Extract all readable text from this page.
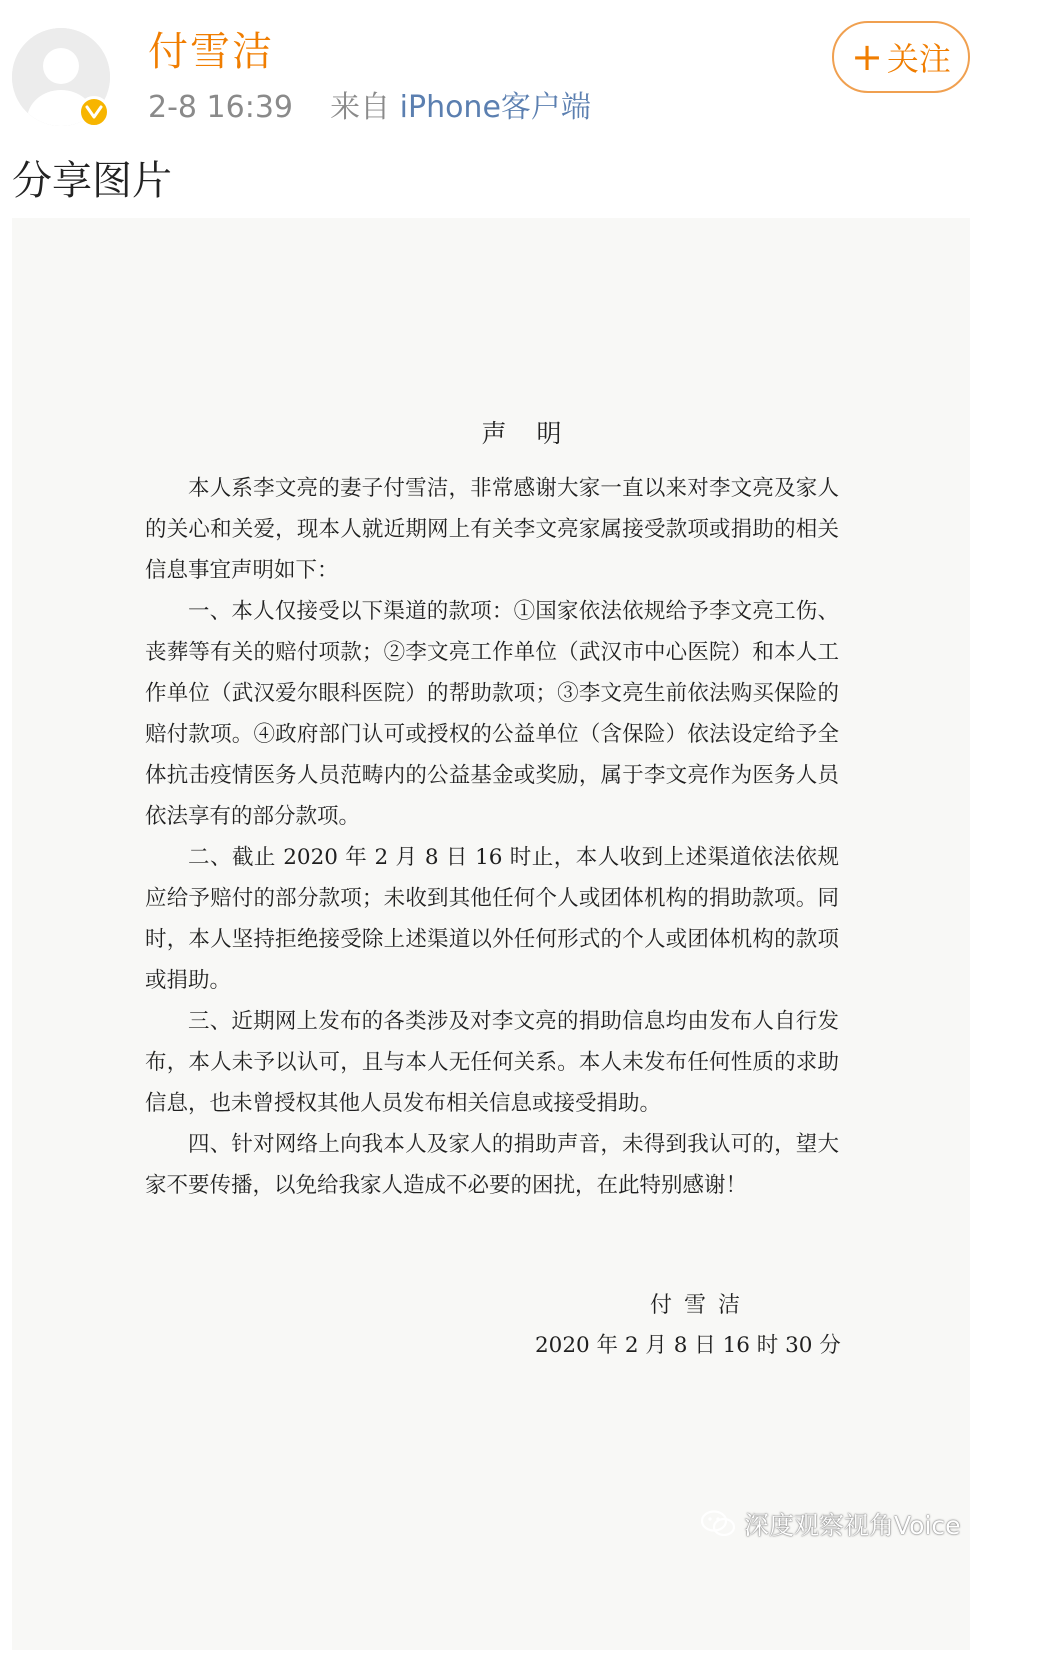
付雪洁
2-8 16:39 来自 iPhone客户端
+ 关注
分享图片
声明

本人系李文亮的妻子付雪洁，非常感谢大家一直以来对李文亮及家人的关心和关爱，现本人就近期网上有关李文亮家属接受款项或捐助的相关信息事宜声明如下：

一、本人仅接受以下渠道的款项：①国家依法依规给予李文亮工伤、丧葬等有关的赔付项款；②李文亮工作单位（武汉市中心医院）和本人工作单位（武汉爱尔眼科医院）的帮助款项；③李文亮生前依法购买保险的赔付款项。④政府部门认可或授权的公益单位（含保险）依法设定给予全体抗击疫情医务人员范畴内的公益基金或奖励，属于李文亮作为医务人员依法享有的部分款项。

二、截止 2020 年 2 月 8 日 16 时止，本人收到上述渠道依法依规应给予赔付的部分款项；未收到其他任何个人或团体机构的捐助款项。同时，本人坚持拒绝接受除上述渠道以外任何形式的个人或团体机构的款项或捐助。

三、近期网上发布的各类涉及对李文亮的捐助信息均由发布人自行发布，本人未予以认可，且与本人无任何关系。本人未发布任何性质的求助信息，也未曾授权其他人员发布相关信息或接受捐助。

四、针对网络上向我本人及家人的捐助声音，未得到我认可的，望大家不要传播，以免给我家人造成不必要的困扰，在此特别感谢！

付雪洁
2020 年 2 月 8 日 16 时 30 分
深度观察视角Voice
